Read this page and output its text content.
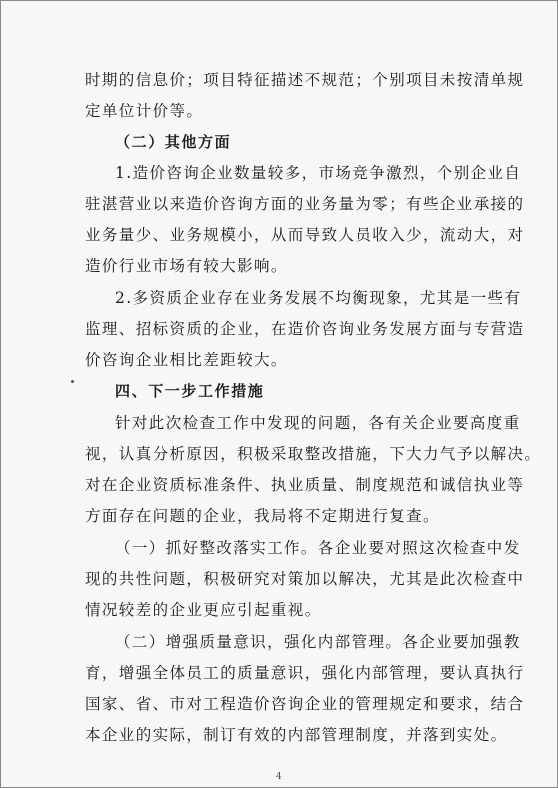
时期的信息价；项目特征描述不规范；个别项目未按清单规
定单位计价等。
（二）其他方面
1.造价咨询企业数量较多，市场竞争激烈，个别企业自
驻湛营业以来造价咨询方面的业务量为零；有些企业承接的
业务量少、业务规模小，从而导致人员收入少，流动大，对
造价行业市场有较大影响。
2.多资质企业存在业务发展不均衡现象，尤其是一些有
监理、招标资质的企业，在造价咨询业务发展方面与专营造
价咨询企业相比差距较大。
四、下一步工作措施
针对此次检查工作中发现的问题，各有关企业要高度重
视，认真分析原因，积极采取整改措施，下大力气予以解决。
对在企业资质标准条件、执业质量、制度规范和诚信执业等
方面存在问题的企业，我局将不定期进行复查。
（一）抓好整改落实工作。各企业要对照这次检查中发
现的共性问题，积极研究对策加以解决，尤其是此次检查中
情况较差的企业更应引起重视。
（二）增强质量意识，强化内部管理。各企业要加强教
育，增强全体员工的质量意识，强化内部管理，要认真执行
国家、省、市对工程造价咨询企业的管理规定和要求，结合
本企业的实际，制订有效的内部管理制度，并落到实处。
4
